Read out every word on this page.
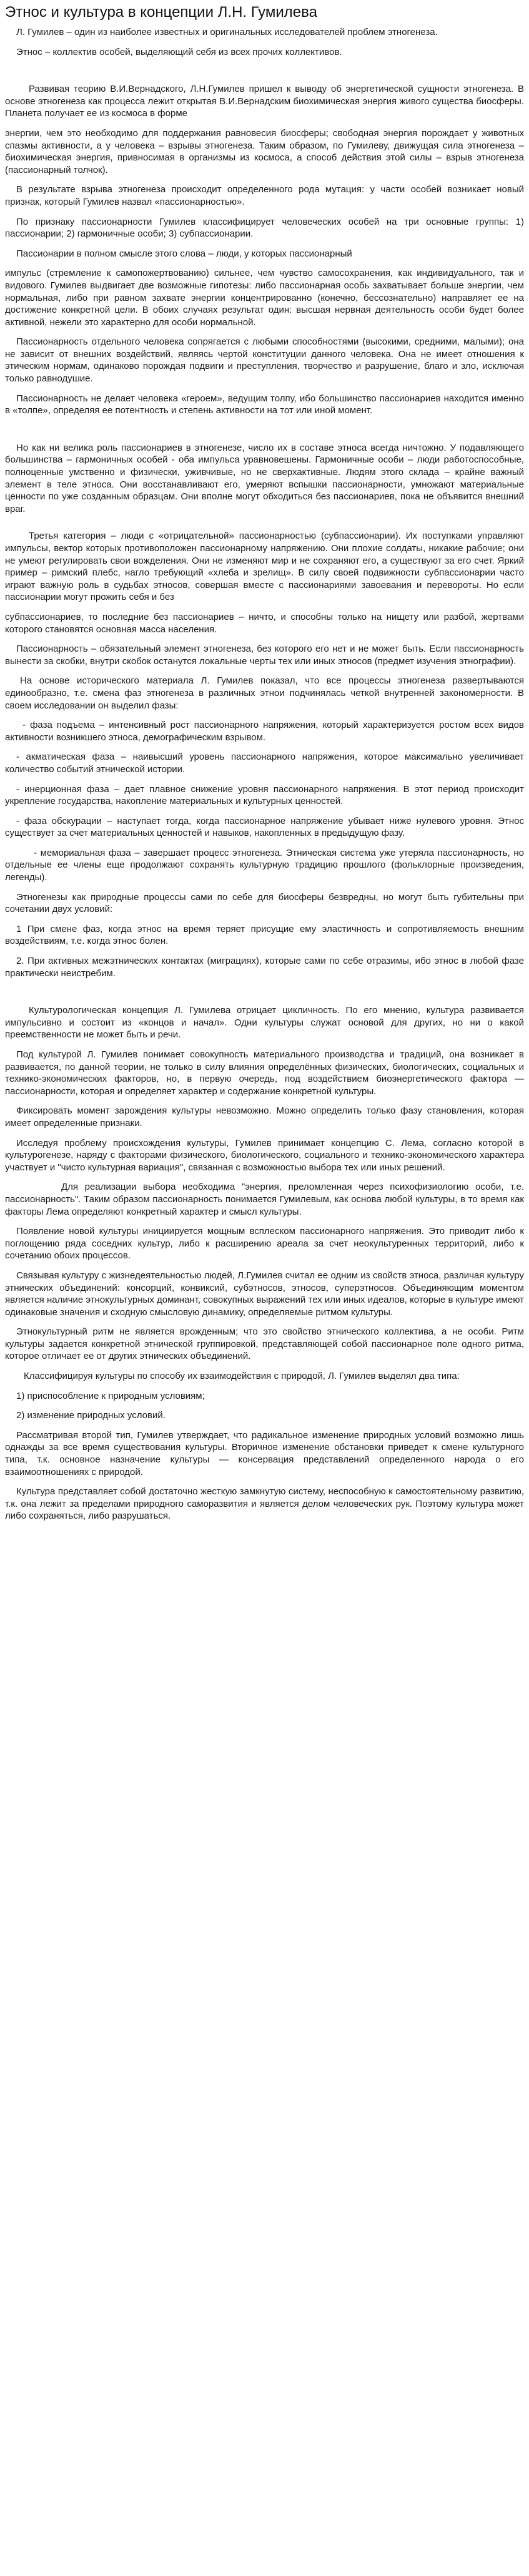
Этнос и культура в концепции Л.Н. Гумилева

Л. Гумилев – один из наиболее известных и оригинальных исследователей проблем этногенеза.

Этнос – коллектив особей, выделяющий себя из всех прочих коллективов.

Развивая теорию В.И.Вернадского, Л.Н.Гумилев пришел к выводу об энергетической сущности этногенеза. В основе этногенеза как процесса лежит открытая В.И.Вернадским биохимическая энергия живого существа биосферы. Планета получает ее из космоса в форме

энергии, чем это необходимо для поддержания равновесия биосферы; свободная энергия порождает у животных спазмы активности, а у человека – взрывы этногенеза. Таким образом, по Гумилеву, движущая сила этногенеза – биохимическая энергия, привносимая в организмы из космоса, а способ действия этой силы – взрыв этногенеза (пассионарный толчок).

В результате взрыва этногенеза происходит определенного рода мутация: у части особей возникает новый признак, который Гумилев назвал «пассионарностью».

По признаку пассионарности Гумилев классифицирует человеческих особей на три основные группы: 1) пассионарии; 2) гармоничные особи; 3) субпассионарии.

Пассионарии в полном смысле этого слова – люди, у которых пассионарный

импульс (стремление к самопожертвованию) сильнее, чем чувство самосохранения, как индивидуального, так и видового. Гумилев выдвигает две возможные гипотезы: либо пассионарная особь захватывает больше энергии, чем нормальная, либо при равном захвате энергии концентрированно (конечно, бессознательно) направляет ее на достижение конкретной цели. В обоих случаях результат один: высшая нервная деятельность особи будет более активной, нежели это характерно для особи нормальной.

Пассионарность отдельного человека сопрягается с любыми способностями (высокими, средними, малыми); она не зависит от внешних воздействий, являясь чертой конституции данного человека. Она не имеет отношения к этическим нормам, одинаково порождая подвиги и преступления, творчество и разрушение, благо и зло, исключая только равнодушие.

Пассионарность не делает человека «героем», ведущим толпу, ибо большинство пассионариев находится именно в «толпе», определяя ее потентность и степень активности на тот или иной момент.

Но как ни велика роль пассионариев в этногенезе, число их в составе этноса всегда ничтожно. У подавляющего большинства – гармоничных особей - оба импульса уравновешены. Гармоничные особи – люди работоспособные, полноценные умственно и физически, уживчивые, но не сверхактивные. Людям этого склада – крайне важный элемент в теле этноса. Они восстанавливают его, умеряют вспышки пассионарности, умножают материальные ценности по уже созданным образцам. Они вполне могут обходиться без пассионариев, пока не объявится внешний враг.

Третья категория – люди с «отрицательной» пассионарностью (субпассионарии). Их поступками управляют импульсы, вектор которых противоположен пассионарному напряжению. Они плохие солдаты, никакие рабочие; они не умеют регулировать свои вожделения. Они не изменяют мир и не сохраняют его, а существуют за его счет. Яркий пример – римский плебс, нагло требующий «хлеба и зрелищ». В силу своей подвижности субпассионарии часто играют важную роль в судьбах этносов, совершая вместе с пассионариями завоевания и перевороты. Но если пассионарии могут прожить себя и без

субпассионариев, то последние без пассионариев – ничто, и способны только на нищету или разбой, жертвами которого становятся основная масса населения.

Пассионарность – обязательный элемент этногенеза, без которого его нет и не может быть. Если пассионарность вынести за скобки, внутри скобок останутся локальные черты тех или иных этносов (предмет изучения этнографии).

На основе исторического материала Л. Гумилев показал, что все процессы этногенеза развертываются единообразно, т.е. смена фаз этногенеза в различных этнои подчинялась четкой внутренней закономерности. В своем исследовании он выделил фазы:

- фаза подъема – интенсивный рост пассионарного напряжения, который характеризуется ростом всех видов активности возникшего этноса, демографическим взрывом.

- акматическая фаза – наивысший уровень пассионарного напряжения, которое максимально увеличивает количество событий этнической истории.

- инерционная фаза – дает плавное снижение уровня пассионарного напряжения. В этот период происходит укрепление государства, накопление материальных и культурных ценностей.

- фаза обскурации – наступает тогда, когда пассионарное напряжение убывает ниже нулевого уровня. Этнос существует за счет материальных ценностей и навыков, накопленных в предыдущую фазу.

- мемориальная фаза – завершает процесс этногенеза. Этническая система уже утеряла пассионарность, но отдельные ее члены еще продолжают сохранять культурную традицию прошлого (фольклорные произведения, легенды).

Этногенезы как природные процессы сами по себе для биосферы безвредны, но могут быть губительны при сочетании двух условий:

1 При смене фаз, когда этнос на время теряет присущие ему эластичность и сопротивляемость внешним воздействиям, т.е. когда этнос болен.

2. При активных межэтнических контактах (миграциях), которые сами по себе отразимы, ибо этнос в любой фазе практически неистребим.

Культурологическая концепция Л. Гумилева отрицает цикличность. По его мнению, культура развивается импульсивно и состоит из «концов и начал». Одни культуры служат основой для других, но ни о какой преемственности не может быть и речи.

Под культурой Л. Гумилев понимает совокупность материального производства и традиций, она возникает в развивается, по данной теории, не только в силу влияния определённых физических, биологических, социальных и технико-экономических факторов, но, в первую очередь, под воздействием биоэнергетического фактора — пассионарности, которая и определяет характер и содержание конкретной культуры.

Фиксировать момент зарождения культуры невозможно. Можно определить только фазу становления, которая имеет определенные признаки.

Исследуя проблему происхождения культуры, Гумилев принимает концепцию С. Лема, согласно которой в культурогенезе, наряду с факторами физического, биологического, социального и технико-экономического характера участвует и "чисто культурная вариация", связанная с возможностью выбора тех или иных решений.

Для реализации выбора необходима "энергия, преломленная через психофизиологию особи, т.е. пассионарность". Таким образом пассионарность понимается Гумилевым, как основа любой культуры, в то время как факторы Лема определяют конкретный характер и смысл культуры.

Появление новой культуры инициируется мощным всплеском пассионарного напряжения. Это приводит либо к поглощению ряда соседних культур, либо к расширению ареала за счет неокультуренных территорий, либо к сочетанию обоих процессов.

Связывая культуру с жизнедеятельностью людей, Л.Гумилев считал ее одним из свойств этноса, различая культуру этнических объединений: консорций, конвиксий, субэтносов, этносов, суперэтносов. Объединяющим моментом является наличие этнокультурных доминант, совокупных выражений тех или иных идеалов, которые в культуре имеют одинаковые значения и сходную смысловую динамику, определяемые ритмом культуры.

Этнокультурный ритм не является врожденным; что это свойство этнического коллектива, а не особи. Ритм культуры задается конкретной этнической группировкой, представляющей собой пассионарное поле одного ритма, которое отличает ее от других этнических объединений.

Классифицируя культуры по способу их взаимодействия с природой, Л. Гумилев выделял два типа:

1) приспособление к природным условиям;

2) изменение природных условий.

Рассматривая второй тип, Гумилев утверждает, что радикальное изменение природных условий возможно лишь однажды за все время существования культуры. Вторичное изменение обстановки приведет к смене культурного типа, т.к. основное назначение культуры — консервация представлений определенного народа о его взаимоотношениях с природой.

Культура представляет собой достаточно жесткую замкнутую систему, неспособную к самостоятельному развитию, т.к. она лежит за пределами природного саморазвития и является делом человеческих рук. Поэтому культура может либо сохраняться, либо разрушаться.
